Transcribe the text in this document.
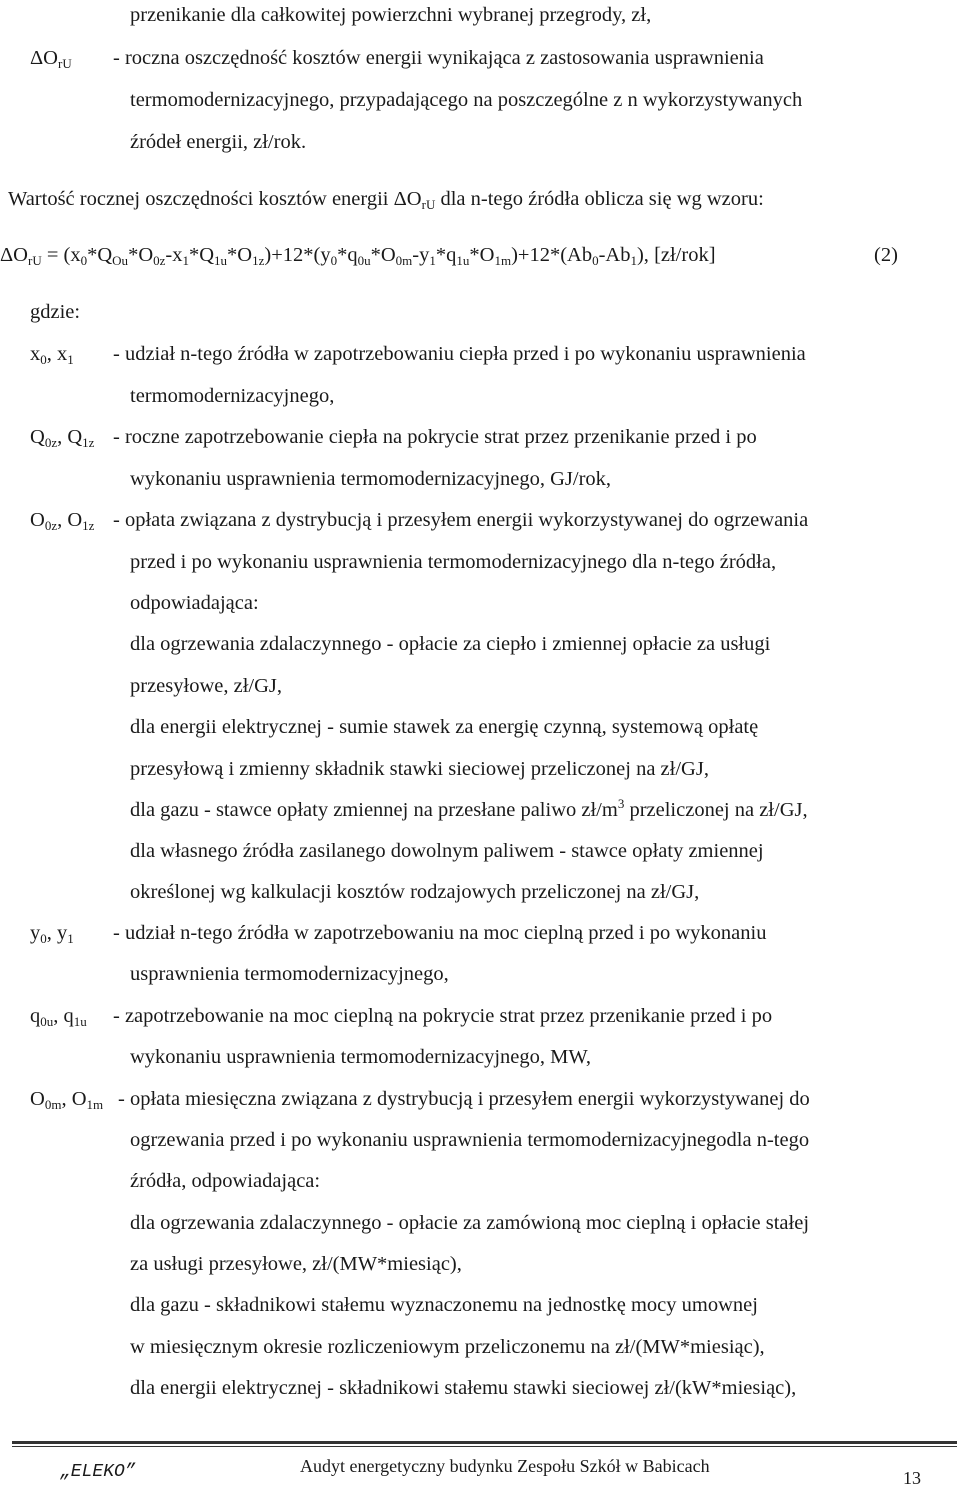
przenikanie dla całkowitej powierzchni wybranej przegrody, zł,
$\Delta O_{rU}$ - roczna oszczędność kosztów energii wynikająca z zastosowania usprawnienia
termomodernizacyjnego, przypadającego na poszczególne z n wykorzystywanych
źródeł energii, zł/rok.
Wartość rocznej oszczędności kosztów energii $\Delta O_{rU}$ dla n-tego źródła oblicza się wg wzoru:
$\Delta O_{rU} = (x_0*Q_{Ou}*O_{0z}-x_1*Q_{1u}*O_{1z})+12*(y_0*q_{0u}*O_{0m}-y_1*q_{1u}*O_{1m})+12*(Ab_0-Ab_1)$, [zł/rok]	(2)
gdzie:
$x_0$, $x_1$ - udział n-tego źródła w zapotrzebowaniu ciepła przed i po wykonaniu usprawnienia
termomodernizacyjnego,
$Q_{0z}$, $Q_{1z}$ - roczne zapotrzebowanie ciepła na pokrycie strat przez przenikanie przed i po
wykonaniu usprawnienia termomodernizacyjnego, GJ/rok,
$O_{0z}$, $O_{1z}$ - opłata związana z dystrybucją i przesyłem energii wykorzystywanej do ogrzewania
przed i po wykonaniu usprawnienia termomodernizacyjnego dla n-tego źródła,
odpowiadająca:
dla ogrzewania zdalaczynnego - opłacie za ciepło i zmiennej opłacie za usługi
przesyłowe, zł/GJ,
dla energii elektrycznej - sumie stawek za energię czynną, systemową opłatę
przesyłową i zmienny składnik stawki sieciowej przeliczonej na zł/GJ,
dla gazu - stawce opłaty zmiennej na przesłane paliwo $zł/m^3$ przeliczonej na zł/GJ,
dla własnego źródła zasilanego dowolnym paliwem - stawce opłaty zmiennej
określonej wg kalkulacji kosztów rodzajowych przeliczonej na zł/GJ,
$y_0$, $y_1$ - udział n-tego źródła w zapotrzebowaniu na moc cieplną przed i po wykonaniu
usprawnienia termomodernizacyjnego,
$q_{0u}$, $q_{1u}$ - zapotrzebowanie na moc cieplną na pokrycie strat przez przenikanie przed i po
wykonaniu usprawnienia termomodernizacyjnego, MW,
$O_{0m}$, $O_{1m}$ - opłata miesięczna związana z dystrybucją i przesyłem energii wykorzystywanej do
ogrzewania przed i po wykonaniu usprawnienia termomodernizacyjnegodla n-tego
źródła, odpowiadająca:
dla ogrzewania zdalaczynnego - opłacie za zamówioną moc cieplną i opłacie stałej
za usługi przesyłowe, zł/(MW*miesiąc),
dla gazu - składnikowi stałemu wyznaczonemu na jednostkę mocy umownej
w miesięcznym okresie rozliczeniowym przeliczonemu na zł/(MW*miesiąc),
dla energii elektrycznej - składnikowi stałemu stawki sieciowej zł/(kW*miesiąc),
„ELEKO”	Audyt energetyczny budynku Zespołu Szkół w Babicach
13
